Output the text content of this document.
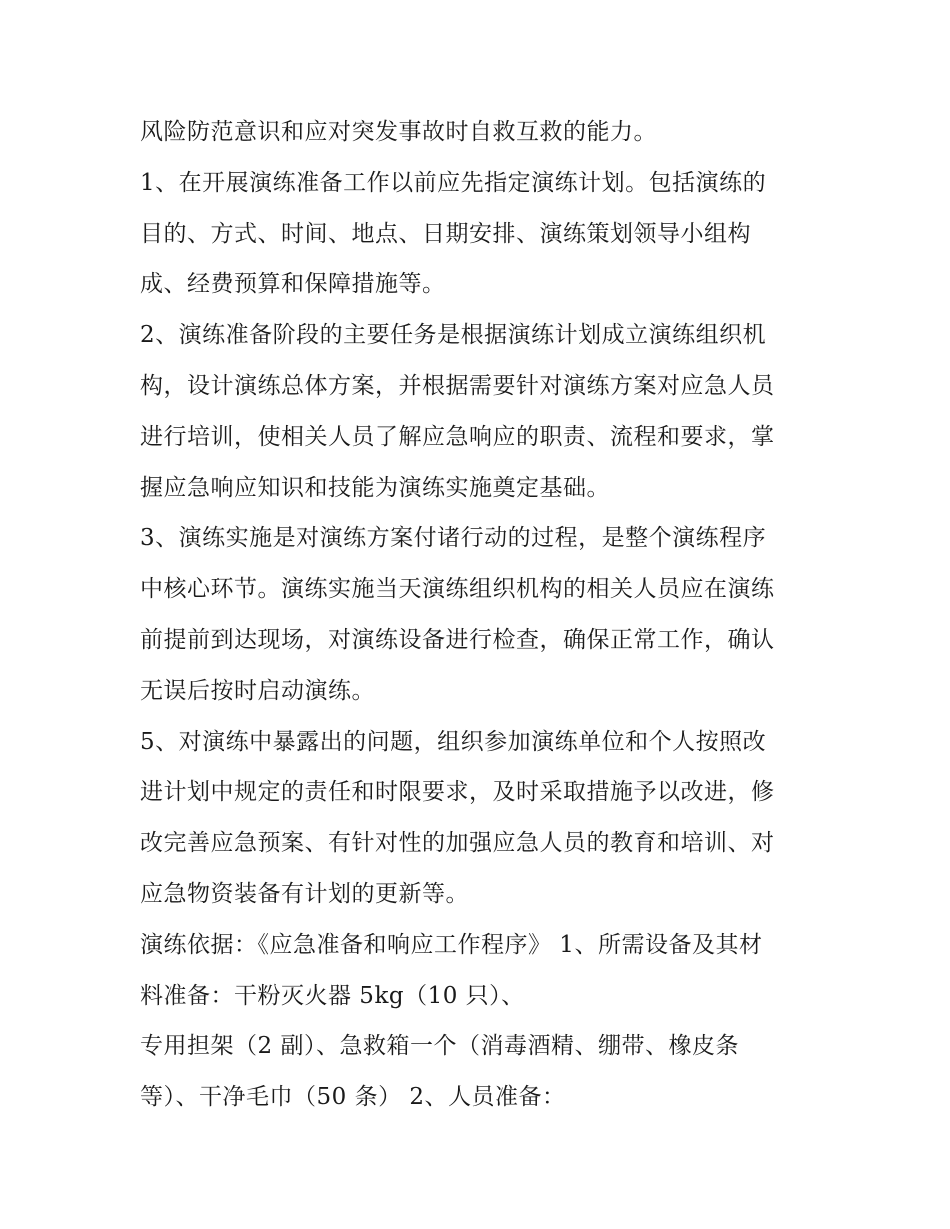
风险防范意识和应对突发事故时自救互救的能力。
1、在开展演练准备工作以前应先指定演练计划。包括演练的
目的、方式、时间、地点、日期安排、演练策划领导小组构
成、经费预算和保障措施等。
2、演练准备阶段的主要任务是根据演练计划成立演练组织机
构，设计演练总体方案，并根据需要针对演练方案对应急人员
进行培训，使相关人员了解应急响应的职责、流程和要求，掌
握应急响应知识和技能为演练实施奠定基础。
3、演练实施是对演练方案付诸行动的过程，是整个演练程序
中核心环节。演练实施当天演练组织机构的相关人员应在演练
前提前到达现场，对演练设备进行检查，确保正常工作，确认
无误后按时启动演练。
5、对演练中暴露出的问题，组织参加演练单位和个人按照改
进计划中规定的责任和时限要求，及时采取措施予以改进，修
改完善应急预案、有针对性的加强应急人员的教育和培训、对
应急物资装备有计划的更新等。
演练依据：《应急准备和响应工作程序》 1、所需设备及其材
料准备：干粉灭火器 5kg（10 只）、
专用担架（2 副）、急救箱一个（消毒酒精、绷带、橡皮条
等）、干净毛巾（50 条） 2、人员准备：
